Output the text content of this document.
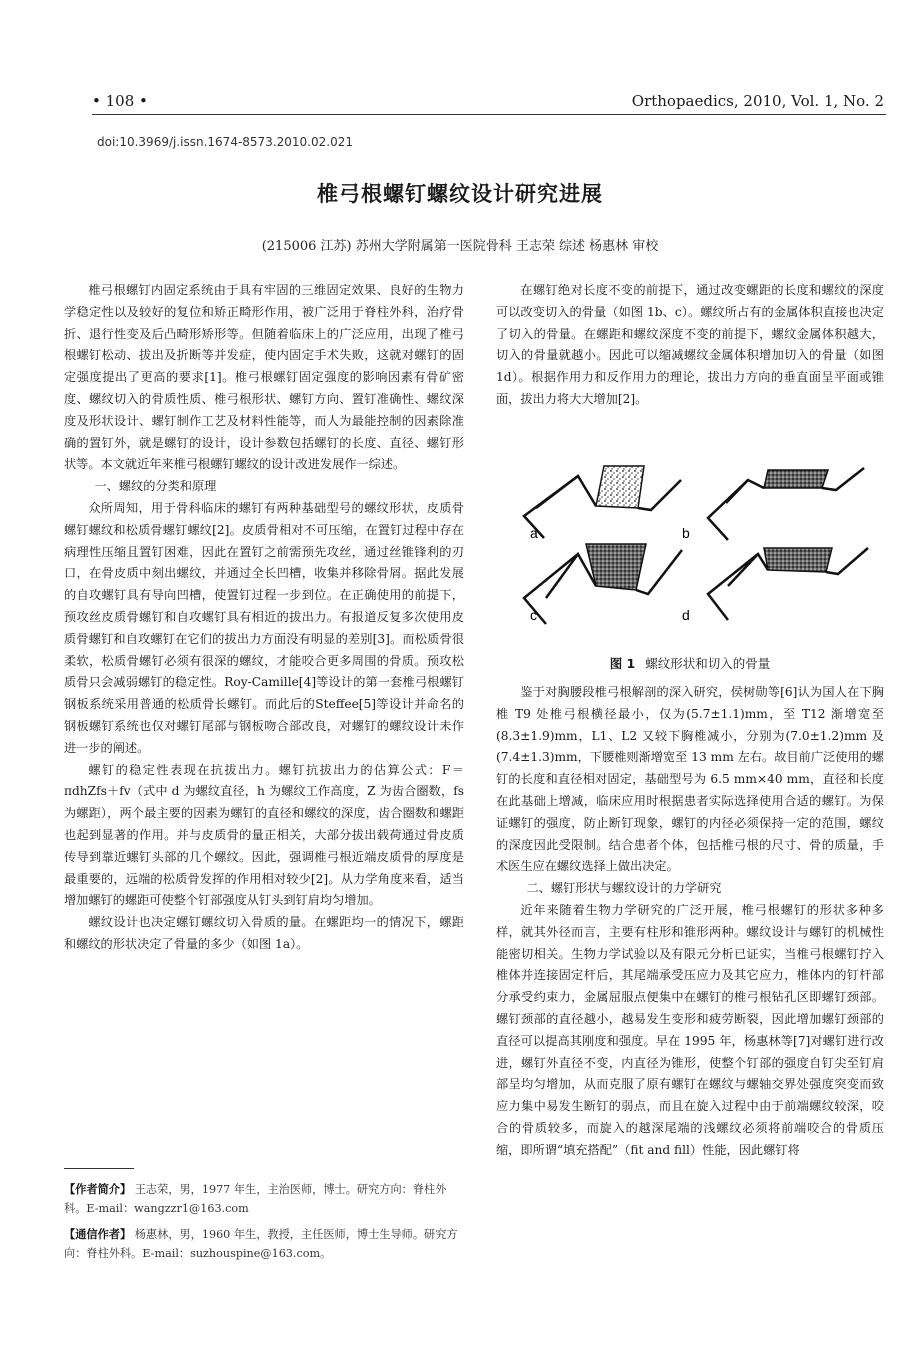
• 108 •	Orthopaedics, 2010, Vol. 1, No. 2
doi:10.3969/j.issn.1674-8573.2010.02.021
椎弓根螺钉螺纹设计研究进展
(215006 江苏) 苏州大学附属第一医院骨科 王志荣 综述 杨惠林 审校

椎弓根螺钉内固定系统由于具有牢固的三维固定效果、良好的生物力学稳定性以及较好的复位和矫正畸形作用，被广泛用于脊柱外科，治疗骨折、退行性变及后凸畸形矫形等。但随着临床上的广泛应用，出现了椎弓根螺钉松动、拔出及折断等并发症，使内固定手术失败，这就对螺钉的固定强度提出了更高的要求[1]。椎弓根螺钉固定强度的影响因素有骨矿密度、螺纹切入的骨质性质、椎弓根形状、螺钉方向、置钉准确性、螺纹深度及形状设计、螺钉制作工艺及材料性能等，而人为最能控制的因素除准确的置钉外，就是螺钉的设计，设计参数包括螺钉的长度、直径、螺钉形状等。本文就近年来椎弓根螺钉螺纹的设计改进发展作一综述。

一、螺纹的分类和原理

众所周知，用于骨科临床的螺钉有两种基础型号的螺纹形状，皮质骨螺钉螺纹和松质骨螺钉螺纹[2]。皮质骨相对不可压缩，在置钉过程中存在病理性压缩且置钉困难，因此在置钉之前需预先攻丝，通过丝锥锋利的刃口，在骨皮质中刻出螺纹，并通过全长凹槽，收集并移除骨屑。据此发展的自攻螺钉具有导向凹槽，使置钉过程一步到位。在正确使用的前提下，预攻丝皮质骨螺钉和自攻螺钉具有相近的拔出力。有报道反复多次使用皮质骨螺钉和自攻螺钉在它们的拔出力方面没有明显的差别[3]。而松质骨很柔软，松质骨螺钉必须有很深的螺纹，才能咬合更多周围的骨质。预攻松质骨只会减弱螺钉的稳定性。Roy-Camille[4]等设计的第一套椎弓根螺钉钢板系统采用普通的松质骨长螺钉。而此后的Steffee[5]等设计并命名的钢板螺钉系统也仅对螺钉尾部与钢板吻合部改良，对螺钉的螺纹设计未作进一步的阐述。

螺钉的稳定性表现在抗拔出力。螺钉抗拔出力的估算公式：F＝πdhZfs＋fv（式中 d 为螺纹直径，h 为螺纹工作高度，Z 为齿合圈数，fs 为螺距），两个最主要的因素为螺钉的直径和螺纹的深度，齿合圈数和螺距也起到显著的作用。并与皮质骨的量正相关，大部分拔出载荷通过骨皮质传导到靠近螺钉头部的几个螺纹。因此，强调椎弓根近端皮质骨的厚度是最重要的，远端的松质骨发挥的作用相对较少[2]。从力学角度来看，适当增加螺钉的螺距可使整个钉部强度从钉头到钉肩均匀增加。

螺纹设计也决定螺钉螺纹切入骨质的量。在螺距均一的情况下，螺距和螺纹的形状决定了骨量的多少（如图 1a）。

在螺钉绝对长度不变的前提下，通过改变螺距的长度和螺纹的深度可以改变切入的骨量（如图 1b、c）。螺纹所占有的金属体积直接也决定了切入的骨量。在螺距和螺纹深度不变的前提下，螺纹金属体积越大，切入的骨量就越小。因此可以缩减螺纹金属体积增加切入的骨量（如图 1d）。根据作用力和反作用力的理论，拔出力方向的垂直面呈平面或锥面，拔出力将大大增加[2]。

a	b
c	d
图 1 螺纹形状和切入的骨量

鉴于对胸腰段椎弓根解剖的深入研究，侯树勋等[6]认为国人在下胸椎 T9 处椎弓根横径最小，仅为(5.7±1.1)mm，至 T12 渐增宽至(8.3±1.9)mm，L1、L2 又较下胸椎减小，分别为(7.0±1.2)mm 及(7.4±1.3)mm，下腰椎则渐增宽至 13 mm 左右。故目前广泛使用的螺钉的长度和直径相对固定，基础型号为 6.5 mm×40 mm，直径和长度在此基础上增减，临床应用时根据患者实际选择使用合适的螺钉。为保证螺钉的强度，防止断钉现象，螺钉的内径必须保持一定的范围，螺纹的深度因此受限制。结合患者个体，包括椎弓根的尺寸、骨的质量，手术医生应在螺纹选择上做出决定。

二、螺钉形状与螺纹设计的力学研究

近年来随着生物力学研究的广泛开展，椎弓根螺钉的形状多种多样，就其外径而言，主要有柱形和锥形两种。螺纹设计与螺钉的机械性能密切相关。生物力学试验以及有限元分析已证实，当椎弓根螺钉拧入椎体并连接固定杆后，其尾端承受压应力及其它应力，椎体内的钉杆部分承受约束力，金属屈服点便集中在螺钉的椎弓根钻孔区即螺钉颈部。螺钉颈部的直径越小，越易发生变形和疲劳断裂，因此增加螺钉颈部的直径可以提高其刚度和强度。早在 1995 年，杨惠林等[7]对螺钉进行改进，螺钉外直径不变，内直径为锥形，使整个钉部的强度自钉尖至钉肩部呈均匀增加，从而克服了原有螺钉在螺纹与螺轴交界处强度突变而致应力集中易发生断钉的弱点，而且在旋入过程中由于前端螺纹较深，咬合的骨质较多，而旋入的越深尾端的浅螺纹必须将前端咬合的骨质压缩，即所谓“填充搭配”（fit and fill）性能，因此螺钉将

【作者简介】 王志荣，男，1977 年生，主治医师，博士。研究方向：脊柱外科。E-mail：wangzzr1@163.com
【通信作者】 杨惠林，男，1960 年生，教授，主任医师，博士生导师。研究方向：脊柱外科。E-mail：suzhouspine@163.com。
